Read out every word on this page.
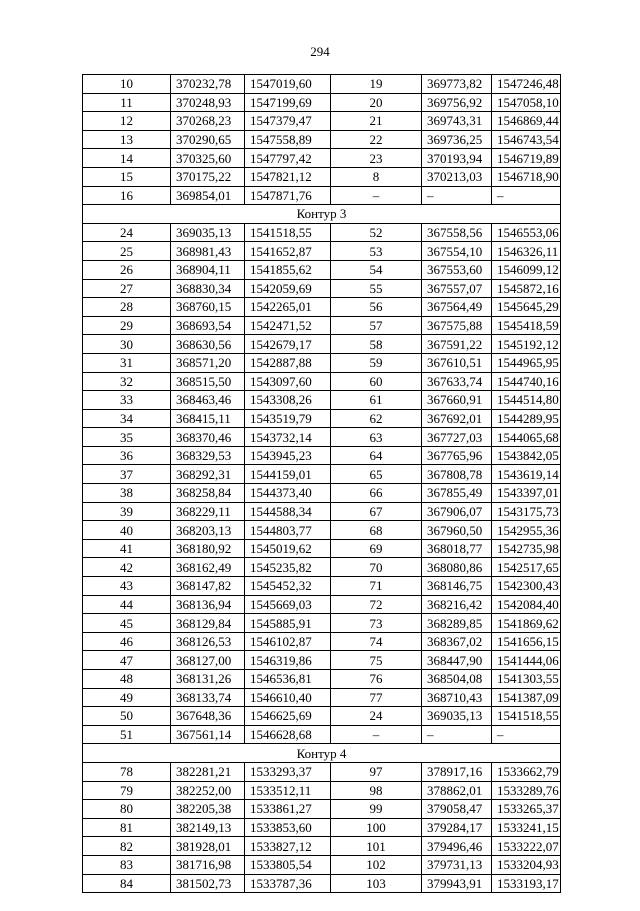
294
10	370232,78	1547019,60	19	369773,82	1547246,48
11	370248,93	1547199,69	20	369756,92	1547058,10
12	370268,23	1547379,47	21	369743,31	1546869,44
13	370290,65	1547558,89	22	369736,25	1546743,54
14	370325,60	1547797,42	23	370193,94	1546719,89
15	370175,22	1547821,12	8	370213,03	1546718,90
16	369854,01	1547871,76	–	–	–
Контур 3					
24	369035,13	1541518,55	52	367558,56	1546553,06
25	368981,43	1541652,87	53	367554,10	1546326,11
26	368904,11	1541855,62	54	367553,60	1546099,12
27	368830,34	1542059,69	55	367557,07	1545872,16
28	368760,15	1542265,01	56	367564,49	1545645,29
29	368693,54	1542471,52	57	367575,88	1545418,59
30	368630,56	1542679,17	58	367591,22	1545192,12
31	368571,20	1542887,88	59	367610,51	1544965,95
32	368515,50	1543097,60	60	367633,74	1544740,16
33	368463,46	1543308,26	61	367660,91	1544514,80
34	368415,11	1543519,79	62	367692,01	1544289,95
35	368370,46	1543732,14	63	367727,03	1544065,68
36	368329,53	1543945,23	64	367765,96	1543842,05
37	368292,31	1544159,01	65	367808,78	1543619,14
38	368258,84	1544373,40	66	367855,49	1543397,01
39	368229,11	1544588,34	67	367906,07	1543175,73
40	368203,13	1544803,77	68	367960,50	1542955,36
41	368180,92	1545019,62	69	368018,77	1542735,98
42	368162,49	1545235,82	70	368080,86	1542517,65
43	368147,82	1545452,32	71	368146,75	1542300,43
44	368136,94	1545669,03	72	368216,42	1542084,40
45	368129,84	1545885,91	73	368289,85	1541869,62
46	368126,53	1546102,87	74	368367,02	1541656,15
47	368127,00	1546319,86	75	368447,90	1541444,06
48	368131,26	1546536,81	76	368504,08	1541303,55
49	368133,74	1546610,40	77	368710,43	1541387,09
50	367648,36	1546625,69	24	369035,13	1541518,55
51	367561,14	1546628,68	–	–	–
Контур 4					
78	382281,21	1533293,37	97	378917,16	1533662,79
79	382252,00	1533512,11	98	378862,01	1533289,76
80	382205,38	1533861,27	99	379058,47	1533265,37
81	382149,13	1533853,60	100	379284,17	1533241,15
82	381928,01	1533827,12	101	379496,46	1533222,07
83	381716,98	1533805,54	102	379731,13	1533204,93
84	381502,73	1533787,36	103	379943,91	1533193,17
